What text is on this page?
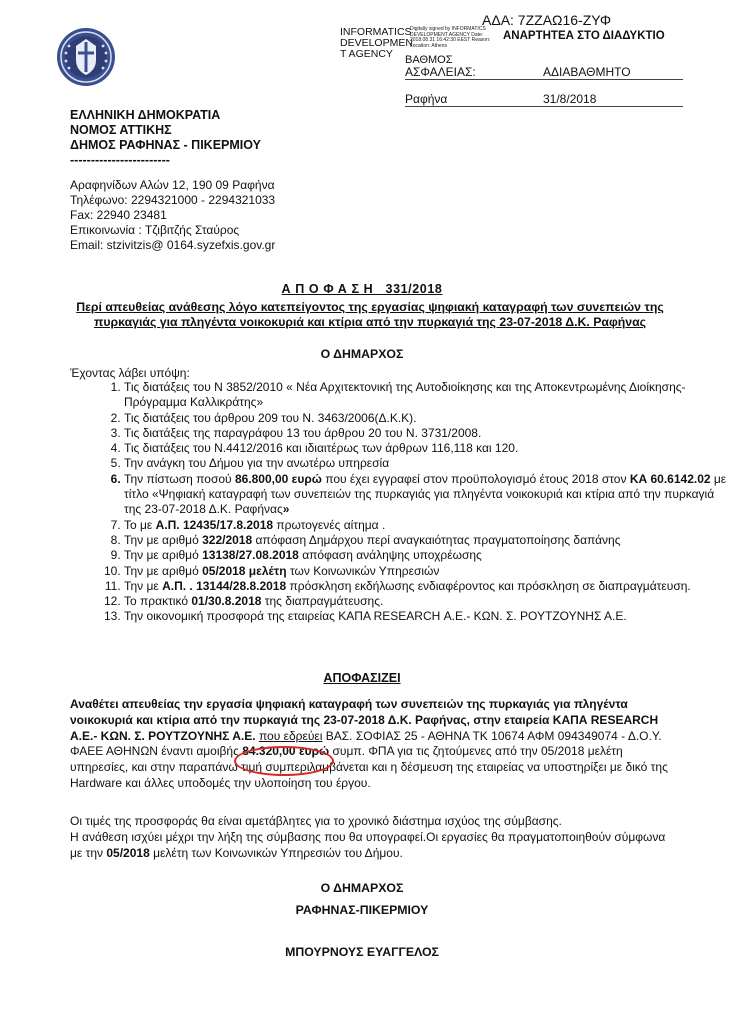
INFORMATICS DEVELOPMEN T AGENCY
Digitally signed by INFORMATICS DEVELOPMENT AGENCY Date: 2018.08.31 16:42:30 EEST Reason: Location: Athens
ΑΔΑ: 7ΖΖΑΩ16-ΖΥΦ
ΑΝΑΡΤΗΤΕΑ ΣΤΟ ΔΙΑΔΥΚΤΙΟ
ΒΑΘΜΟΣ
ΑΣΦΑΛΕΙΑΣ:	ΑΔΙΑΒΑΘΜΗΤΟ
Ραφήνα	31/8/2018
ΕΛΛΗΝΙΚΗ ΔΗΜΟΚΡΑΤΙΑ
ΝΟΜΟΣ ΑΤΤΙΚΗΣ
ΔΗΜΟΣ ΡΑΦΗΝΑΣ - ΠΙΚΕΡΜΙΟΥ
------------------------
Αραφηνίδων Αλών 12, 190 09 Ραφήνα
Τηλέφωνο: 2294321000 - 2294321033
Fax: 22940 23481
Επικοινωνία : Τζιβιτζής Σταύρος
Email: stzivitzis@ 0164.syzefxis.gov.gr
Α Π Ο Φ Α Σ Η   331/2018
Περί απευθείας ανάθεσης λόγο κατεπείγοντος της εργασίας ψηφιακή καταγραφή των συνεπειών της πυρκαγιάς για πληγέντα νοικοκυριά και κτίρια από την πυρκαγιά της 23-07-2018 Δ.Κ. Ραφήνας
Ο ΔΗΜΑΡΧΟΣ
Έχοντας λάβει υπόψη:
1. Τις διατάξεις του Ν 3852/2010 « Νέα Αρχιτεκτονική της Αυτοδιοίκησης και της Αποκεντρωμένης Διοίκησης- Πρόγραμμα Καλλικράτης»
2. Τις διατάξεις του άρθρου 209 του Ν. 3463/2006(Δ.Κ.Κ).
3. Τις διατάξεις της παραγράφου 13 του άρθρου 20 του Ν. 3731/2008.
4. Τις διατάξεις του Ν.4412/2016 και ιδιαιτέρως των άρθρων 116,118 και 120.
5. Την ανάγκη του Δήμου για την ανωτέρω υπηρεσία
6. Την πίστωση ποσού 86.800,00 ευρώ που έχει εγγραφεί στον προϋπολογισμό έτους 2018 στον ΚΑ 60.6142.02 με τίτλο «Ψηφιακή καταγραφή των συνεπειών της πυρκαγιάς για πληγέντα νοικοκυριά και κτίρια από την πυρκαγιά της 23-07-2018 Δ.Κ. Ραφήνας»
7. Το με Α.Π. 12435/17.8.2018 πρωτογενές αίτημα .
8. Την με αριθμό 322/2018 απόφαση Δημάρχου περί αναγκαιότητας πραγματοποίησης δαπάνης
9. Την με αριθμό 13138/27.08.2018 απόφαση ανάληψης υποχρέωσης
10. Την με αριθμό 05/2018 μελέτη των Κοινωνικών Υπηρεσιών
11. Την με Α.Π. . 13144/28.8.2018 πρόσκληση εκδήλωσης ενδιαφέροντος και πρόσκληση σε διαπραγμάτευση.
12. Το πρακτικό 01/30.8.2018 της διαπραγμάτευσης.
13. Την οικονομική προσφορά της εταιρείας ΚΑΠΑ RESEARCH Α.Ε.- ΚΩΝ. Σ. ΡΟΥΤΖΟΥΝΗΣ Α.Ε.
ΑΠΟΦΑΣΙΖΕΙ
Αναθέτει απευθείας την εργασία ψηφιακή καταγραφή των συνεπειών της πυρκαγιάς για πληγέντα νοικοκυριά και κτίρια από την πυρκαγιά της 23-07-2018 Δ.Κ. Ραφήνας, στην εταιρεία ΚΑΠΑ RESEARCH Α.Ε.- ΚΩΝ. Σ. ΡΟΥΤΖΟΥΝΗΣ Α.Ε. που εδρεύει ΒΑΣ. ΣΟΦΙΑΣ 25 - ΑΘΗΝΑ ΤΚ 10674 ΑΦΜ 094349074 - Δ.Ο.Υ. ΦΑΕΕ ΑΘΗΝΩΝ έναντι αμοιβής 84.320,00 ευρώ συμπ. ΦΠΑ για τις ζητούμενες από την 05/2018 μελέτη υπηρεσίες, και στην παραπάνω τιμή συμπεριλαμβάνεται και η δέσμευση της εταιρείας να υποστηρίξει με δικό της Hardware και άλλες υποδομές την υλοποίηση του έργου.
Οι τιμές της προσφοράς θα είναι αμετάβλητες για το χρονικό διάστημα ισχύος της σύμβασης.
Η ανάθεση ισχύει μέχρι την λήξη της σύμβασης που θα υπογραφεί.Οι εργασίες θα πραγματοποιηθούν σύμφωνα με την 05/2018 μελέτη των Κοινωνικών Υπηρεσιών του Δήμου.
Ο ΔΗΜΑΡΧΟΣ
ΡΑΦΗΝΑΣ-ΠΙΚΕΡΜΙΟΥ
ΜΠΟΥΡΝΟΥΣ ΕΥΑΓΓΕΛΟΣ
